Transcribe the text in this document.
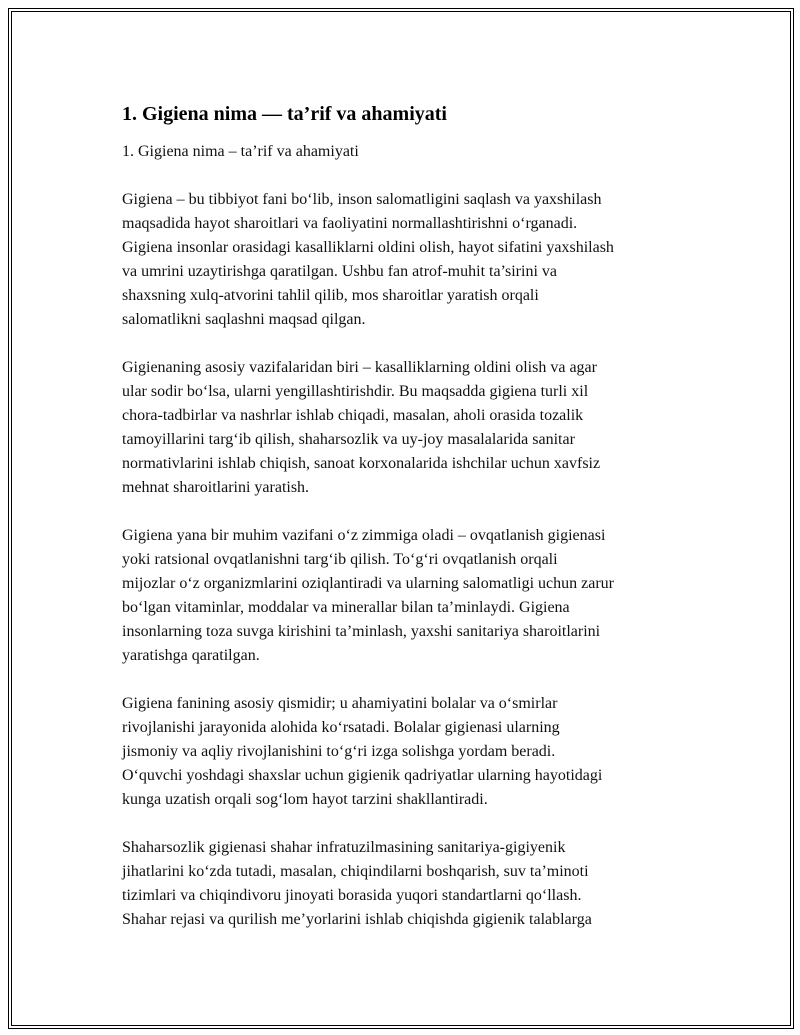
1. Gigiena nima — ta’rif va ahamiyati
1. Gigiena nima – ta’rif va ahamiyati
Gigiena – bu tibbiyot fani bo‘lib, inson salomatligini saqlash va yaxshilash
maqsadida hayot sharoitlari va faoliyatini normallashtirishni o‘rganadi.
Gigiena insonlar orasidagi kasalliklarni oldini olish, hayot sifatini yaxshilash
va umrini uzaytirishga qaratilgan. Ushbu fan atrof-muhit ta’sirini va
shaxsning xulq-atvorini tahlil qilib, mos sharoitlar yaratish orqali
salomatlikni saqlashni maqsad qilgan.
Gigienaning asosiy vazifalaridan biri – kasalliklarning oldini olish va agar
ular sodir bo‘lsa, ularni yengillashtirishdir. Bu maqsadda gigiena turli xil
chora-tadbirlar va nashrlar ishlab chiqadi, masalan, aholi orasida tozalik
tamoyillarini targ‘ib qilish, shaharsozlik va uy-joy masalalarida sanitar
normativlarini ishlab chiqish, sanoat korxonalarida ishchilar uchun xavfsiz
mehnat sharoitlarini yaratish.
Gigiena yana bir muhim vazifani o‘z zimmiga oladi – ovqatlanish gigienasi
yoki ratsional ovqatlanishni targ‘ib qilish. To‘g‘ri ovqatlanish orqali
mijozlar o‘z organizmlarini oziqlantiradi va ularning salomatligi uchun zarur
bo‘lgan vitaminlar, moddalar va minerallar bilan ta’minlaydi. Gigiena
insonlarning toza suvga kirishini ta’minlash, yaxshi sanitariya sharoitlarini
yaratishga qaratilgan.
Gigiena fanining asosiy qismidir; u ahamiyatini bolalar va o‘smirlar
rivojlanishi jarayonida alohida ko‘rsatadi. Bolalar gigienasi ularning
jismoniy va aqliy rivojlanishini to‘g‘ri izga solishga yordam beradi.
O‘quvchi yoshdagi shaxslar uchun gigienik qadriyatlar ularning hayotidagi
kunga uzatish orqali sog‘lom hayot tarzini shakllantiradi.
Shaharsozlik gigienasi shahar infratuzilmasining sanitariya-gigiyenik
jihatlarini ko‘zda tutadi, masalan, chiqindilarni boshqarish, suv ta’minoti
tizimlari va chiqindivoru jinoyati borasida yuqori standartlarni qo‘llash.
Shahar rejasi va qurilish me’yorlarini ishlab chiqishda gigienik talablarga
